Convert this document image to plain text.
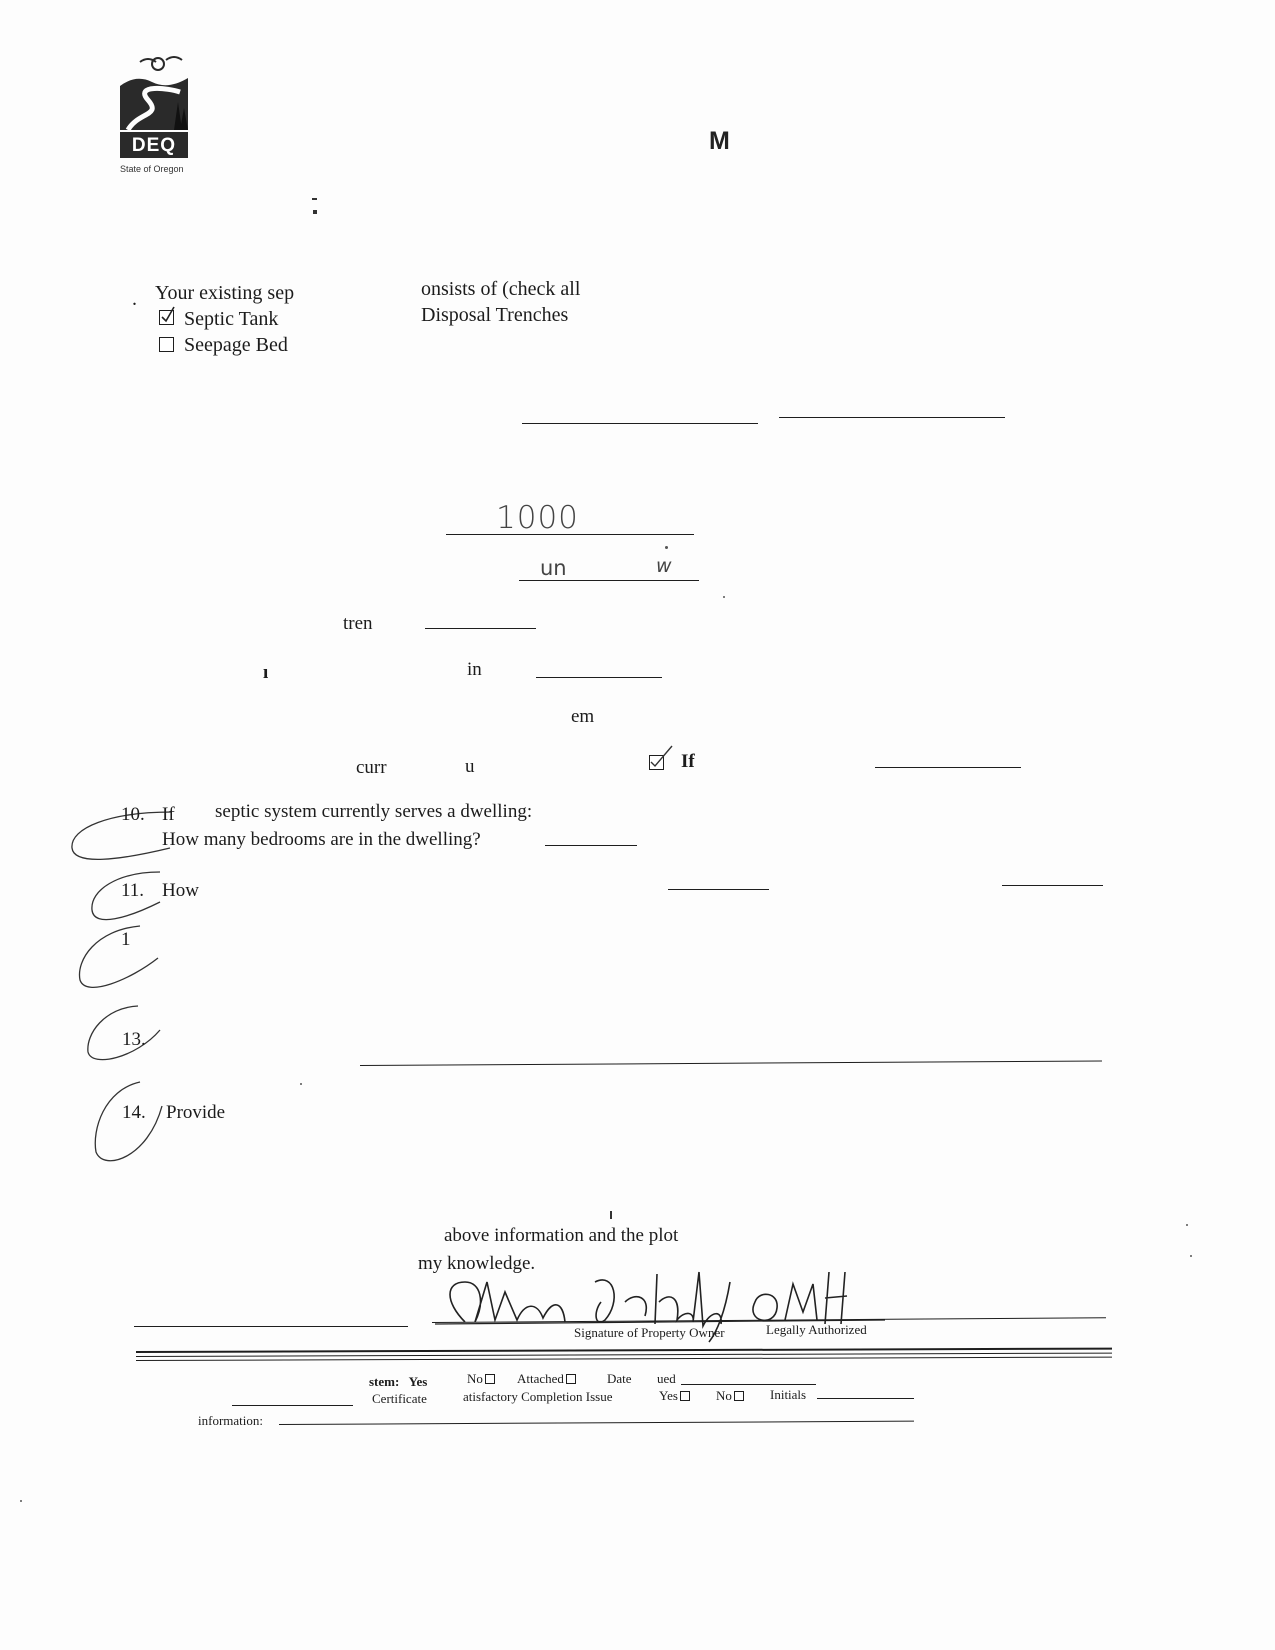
DEQ
State of Oregon
M
. Your existing sep	onsists of (check all
Septic Tank	Disposal Trenches
Seepage Bed
1000
un	w
tren
ı	in
em
curr	u	If
10. If septic system currently serves a dwelling:
How many bedrooms are in the dwelling?
11. How
1
13.
14. Provide
above information and the plot
my knowledge.
Signature of Property Owner	Legally Authorized
stem: Yes	No	Attached	Date ued
Certificate	atisfactory Completion Issue	Yes	No	Initials
information:
